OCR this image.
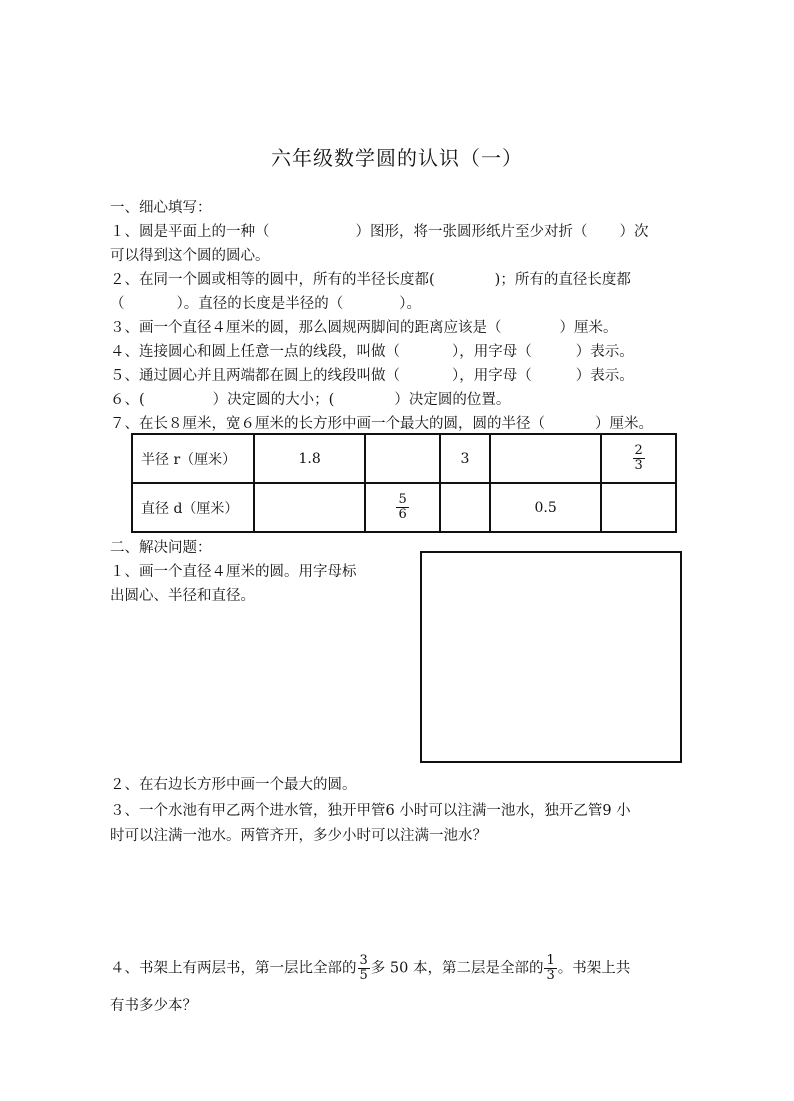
六年级数学圆的认识（一）
一、细心填写：
１、圆是平面上的一种（	）图形，将一张圆形纸片至少对折（ ）次
可以得到这个圆的圆心。
２、在同一个圆或相等的圆中，所有的半径长度都(	)；所有的直径长度都
（	）。直径的长度是半径的（	）。
３、画一个直径４厘米的圆，那么圆规两脚间的距离应该是（	）厘米。
４、连接圆心和圆上任意一点的线段，叫做（	），用字母（	）表示。
５、通过圆心并且两端都在圆上的线段叫做（	），用字母（	）表示。
６、(	）决定圆的大小；(	）决定圆的位置。
７、在长８厘米，宽６厘米的长方形中画一个最大的圆，圆的半径（	）厘米。
半径 r（厘米）	1.8		3		$\frac{2}{3}$

直径 d（厘米）		$\frac{5}{6}$		0.5	
二、解决问题：
１、画一个直径４厘米的圆。用字母标
出圆心、半径和直径。
２、在右边长方形中画一个最大的圆。
３、一个水池有甲乙两个进水管，独开甲管6 小时可以注满一池水，独开乙管9 小
时可以注满一池水。两管齐开，多少小时可以注满一池水？
４、书架上有两层书，第一层比全部的 $\frac{3}{5}$ 多 50 本，第二层是全部的 $\frac{1}{3}$ 。书架上共
有书多少本？
